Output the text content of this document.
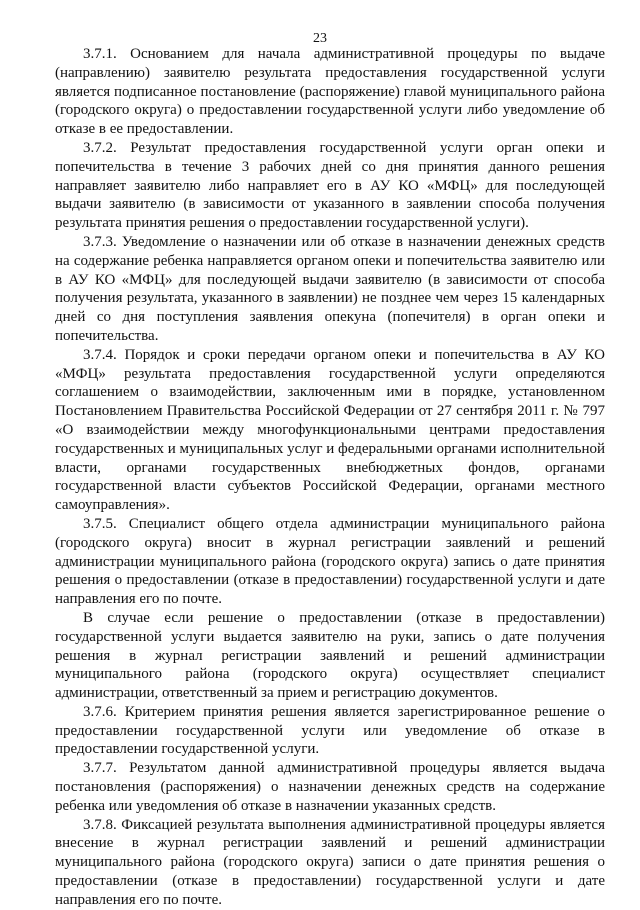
23

3.7.1. Основанием для начала административной процедуры по выдаче (направлению) заявителю результата предоставления государственной услуги является подписанное постановление (распоряжение) главой муниципального района (городского округа) о предоставлении государственной услуги либо уведомление об отказе в ее предоставлении.

3.7.2. Результат предоставления государственной услуги орган опеки и попечительства в течение 3 рабочих дней со дня принятия данного решения направляет заявителю либо направляет его в АУ КО «МФЦ» для последующей выдачи заявителю (в зависимости от указанного в заявлении способа получения результата принятия решения о предоставлении государственной услуги).

3.7.3. Уведомление о назначении или об отказе в назначении денежных средств на содержание ребенка направляется органом опеки и попечительства заявителю или в АУ КО «МФЦ» для последующей выдачи заявителю (в зависимости от способа получения результата, указанного в заявлении) не позднее чем через 15 календарных дней со дня поступления заявления опекуна (попечителя) в орган опеки и попечительства.

3.7.4. Порядок и сроки передачи органом опеки и попечительства в АУ КО «МФЦ» результата предоставления государственной услуги определяются соглашением о взаимодействии, заключенным ими в порядке, установленном Постановлением Правительства Российской Федерации от 27 сентября 2011 г. № 797 «О взаимодействии между многофункциональными центрами предоставления государственных и муниципальных услуг и федеральными органами исполнительной власти, органами государственных внебюджетных фондов, органами государственной власти субъектов Российской Федерации, органами местного самоуправления».

3.7.5. Специалист общего отдела администрации муниципального района (городского округа) вносит в журнал регистрации заявлений и решений администрации муниципального района (городского округа) запись о дате принятия решения о предоставлении (отказе в предоставлении) государственной услуги и дате направления его по почте.

В случае если решение о предоставлении (отказе в предоставлении) государственной услуги выдается заявителю на руки, запись о дате получения решения в журнал регистрации заявлений и решений администрации муниципального района (городского округа) осуществляет специалист администрации, ответственный за прием и регистрацию документов.

3.7.6. Критерием принятия решения является зарегистрированное решение о предоставлении государственной услуги или уведомление об отказе в предоставлении государственной услуги.

3.7.7. Результатом данной административной процедуры является выдача постановления (распоряжения) о назначении денежных средств на содержание ребенка или уведомления об отказе в назначении указанных средств.

3.7.8. Фиксацией результата выполнения административной процедуры является внесение в журнал регистрации заявлений и решений администрации муниципального района (городского округа) записи о дате принятия решения о предоставлении (отказе в предоставлении) государственной услуги и дате направления его по почте.
